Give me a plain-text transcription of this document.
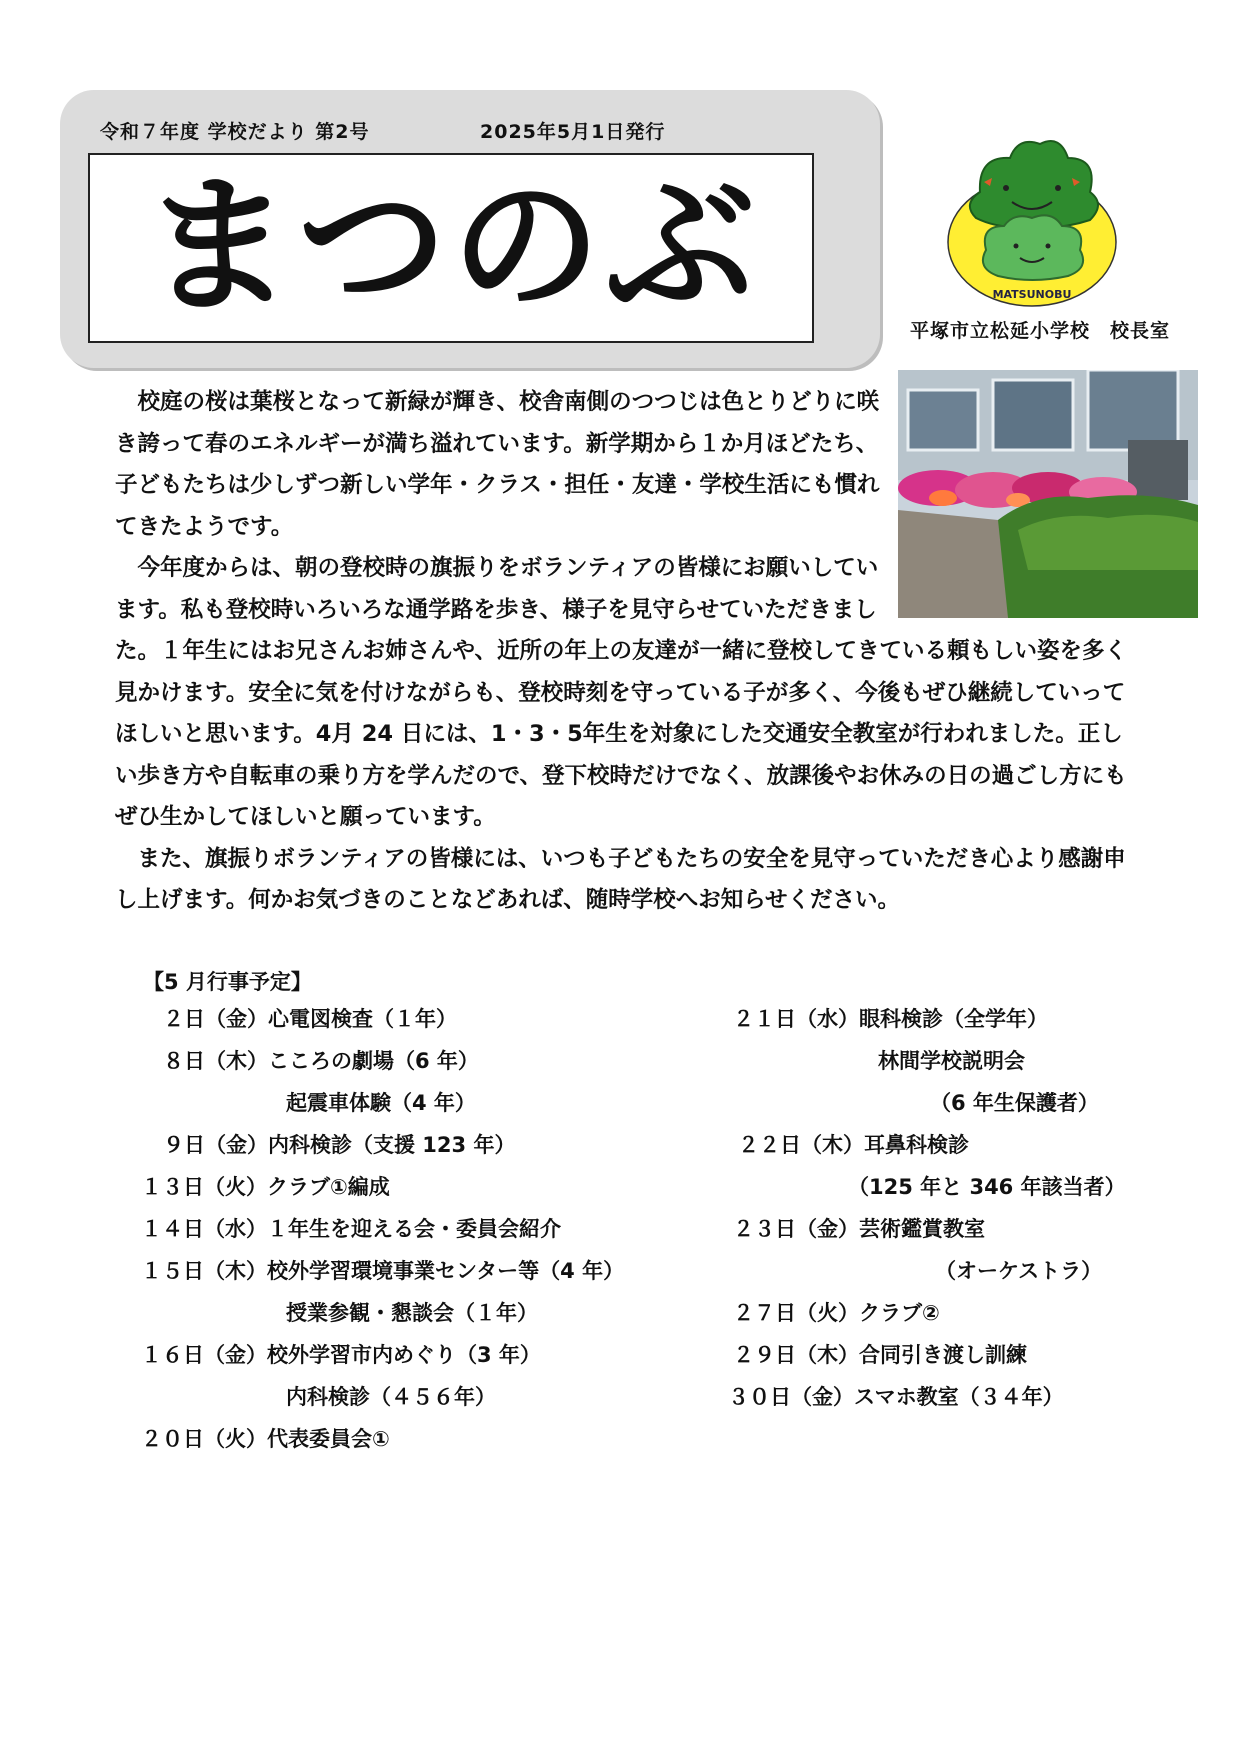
令和７年度 学校だより 第2号	2025年5月1日発行
まつのぶ	MATSUNOBU
平塚市立松延小学校　校長室

校庭の桜は葉桜となって新緑が輝き、校舎南側のつつじは色とりどりに咲き誇って春のエネルギーが満ち溢れています。新学期から１か月ほどたち、子どもたちは少しずつ新しい学年・クラス・担任・友達・学校生活にも慣れてきたようです。

今年度からは、朝の登校時の旗振りをボランティアの皆様にお願いしています。私も登校時いろいろな通学路を歩き、様子を見守らせていただきました。１年生にはお兄さんお姉さんや、近所の年上の友達が一緒に登校してきている頼もしい姿を多く見かけます。安全に気を付けながらも、登校時刻を守っている子が多く、今後もぜひ継続していってほしいと思います。4月 24 日には、1・3・5年生を対象にした交通安全教室が行われました。正しい歩き方や自転車の乗り方を学んだので、登下校時だけでなく、放課後やお休みの日の過ごし方にもぜひ生かしてほしいと願っています。

また、旗振りボランティアの皆様には、いつも子どもたちの安全を見守っていただき心より感謝申し上げます。何かお気づきのことなどあれば、随時学校へお知らせください。

【5 月行事予定】
２日（金）心電図検査（１年）
８日（木）こころの劇場（6 年）
起震車体験（4 年）
９日（金）内科検診（支援 123 年）
１３日（火）クラブ①編成
１４日（水）１年生を迎える会・委員会紹介
１５日（木）校外学習環境事業センター等（4 年）
授業参観・懇談会（１年）
１６日（金）校外学習市内めぐり（3 年）
内科検診（４５６年）
２０日（火）代表委員会①
２１日（水）眼科検診（全学年）
林間学校説明会
（6 年生保護者）
２２日（木）耳鼻科検診
（125 年と 346 年該当者）
２３日（金）芸術鑑賞教室
（オーケストラ）
２７日（火）クラブ②
２９日（木）合同引き渡し訓練
３０日（金）スマホ教室（３４年）
